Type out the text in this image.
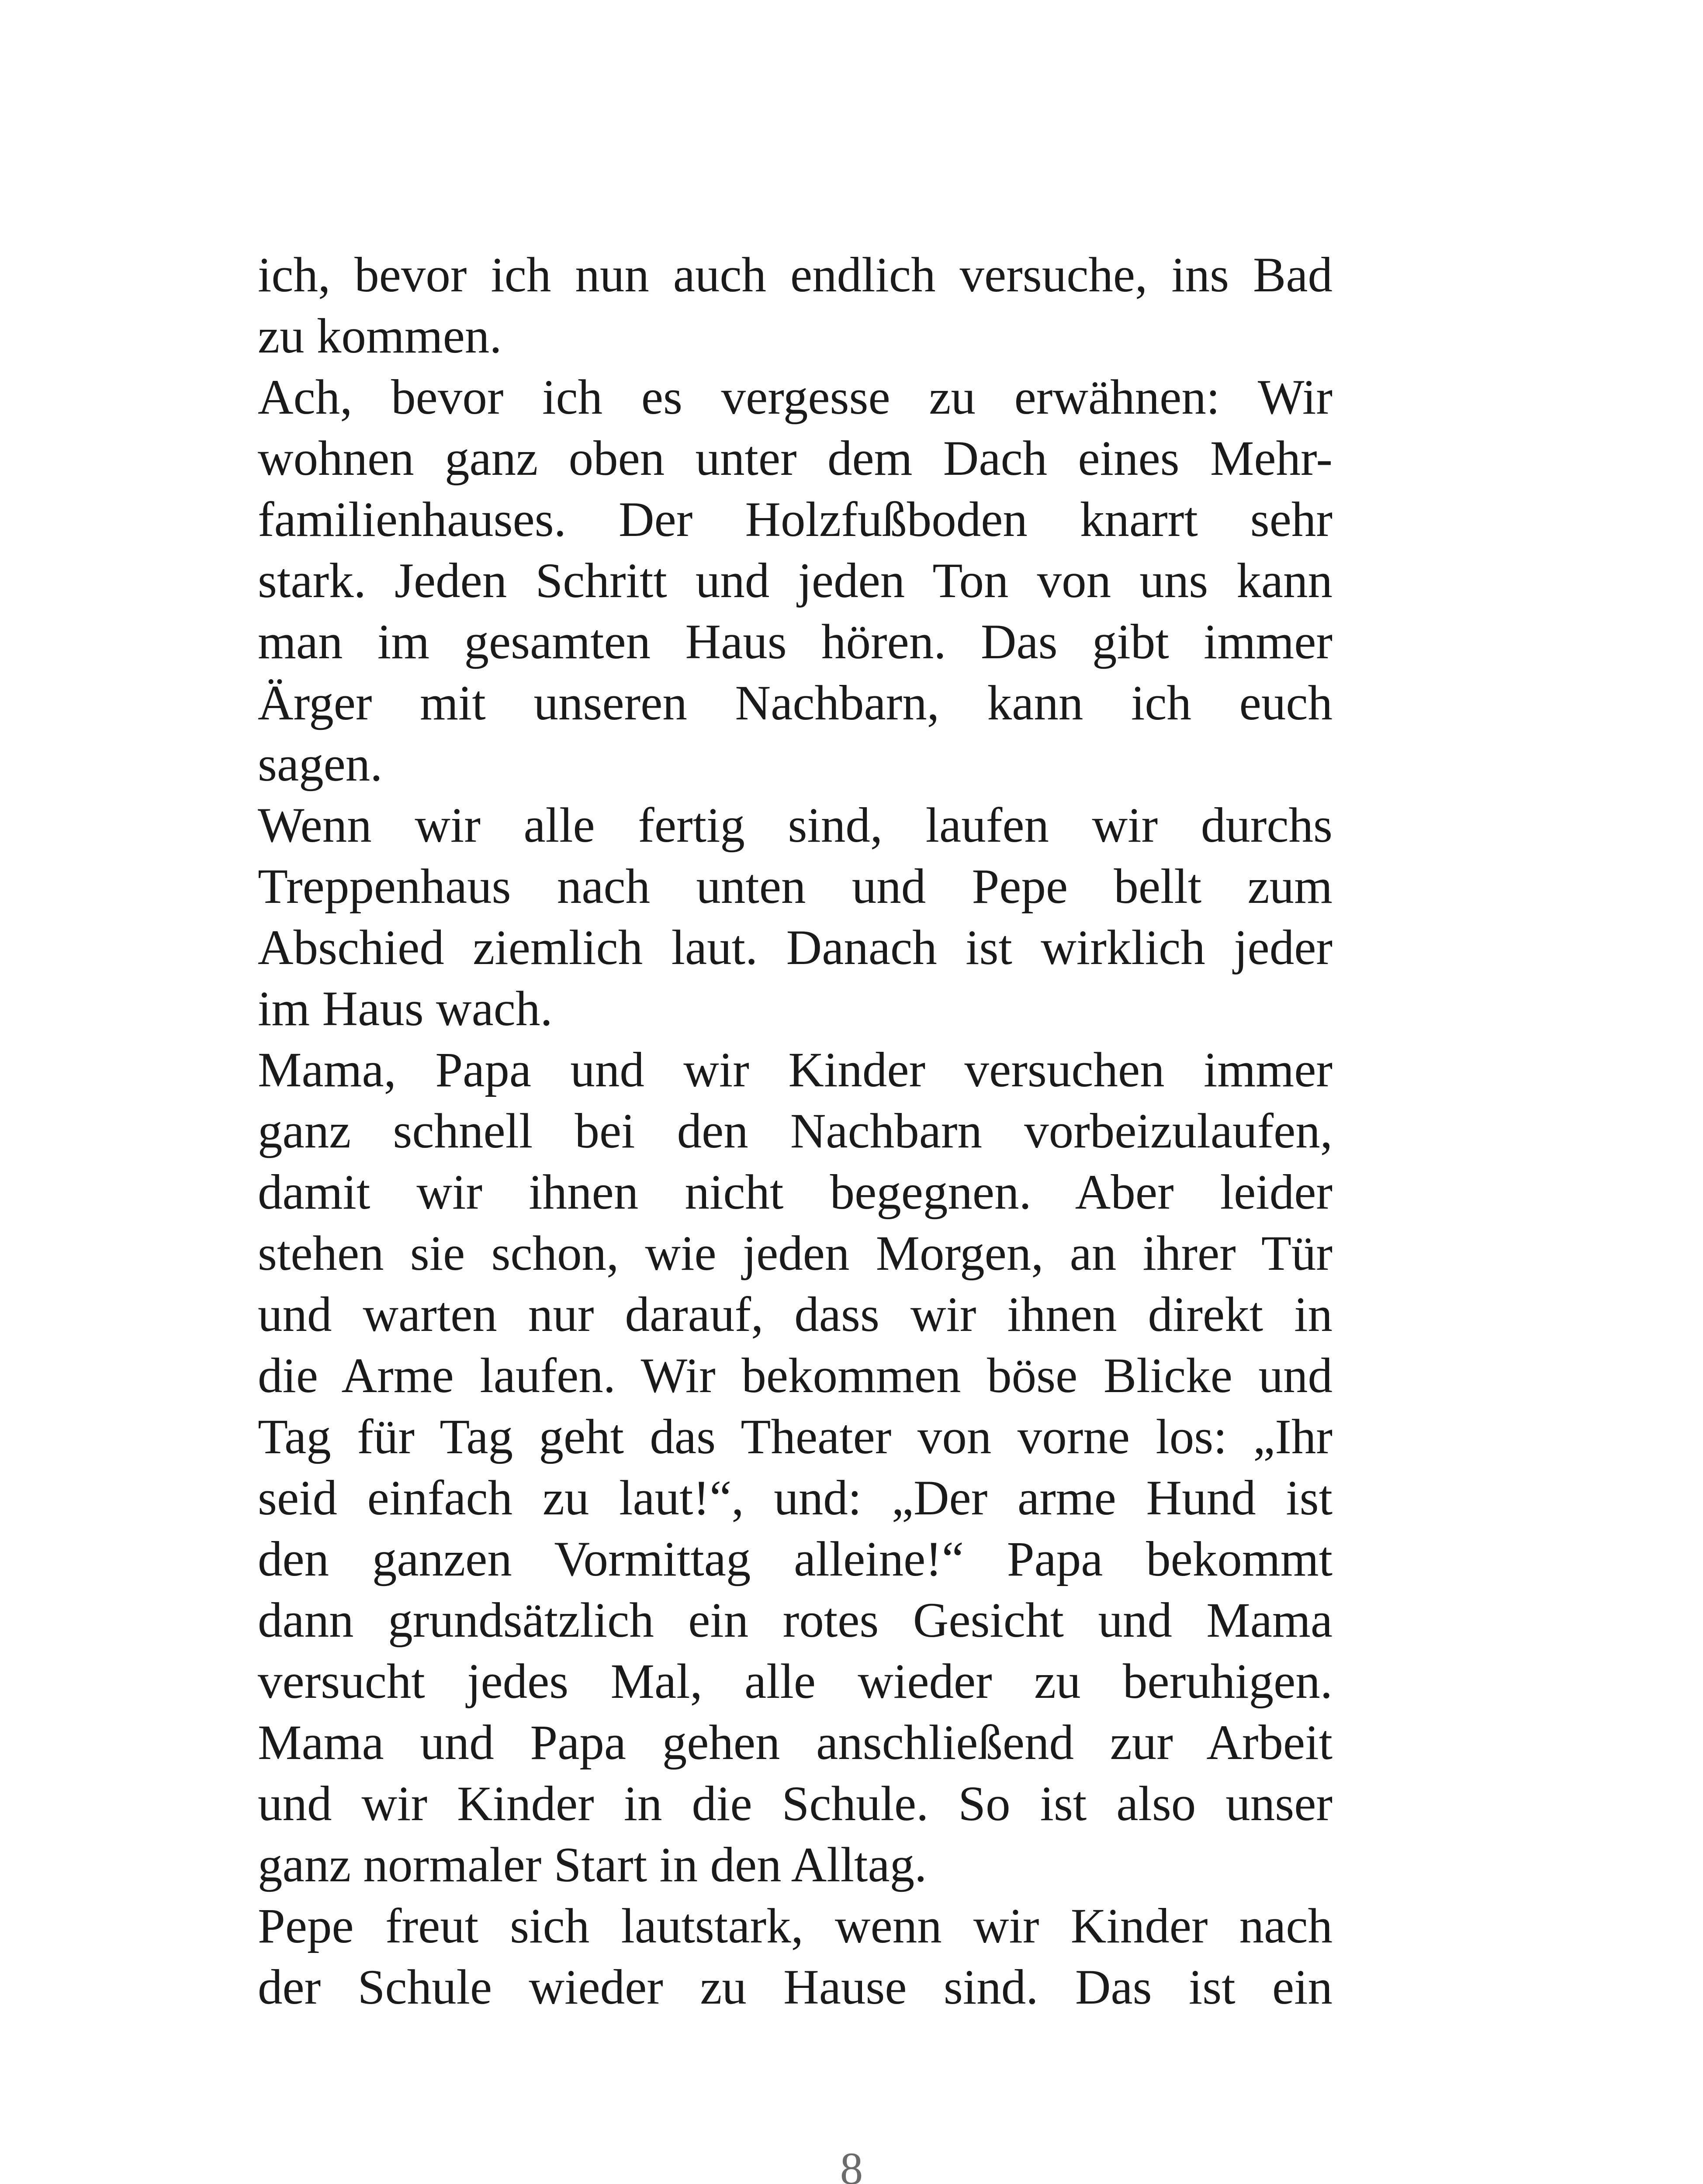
ich, bevor ich nun auch endlich versuche, ins Bad
zu kommen.
Ach, bevor ich es vergesse zu erwähnen: Wir
wohnen ganz oben unter dem Dach eines Mehr-
familienhauses. Der Holzfußboden knarrt sehr
stark. Jeden Schritt und jeden Ton von uns kann
man im gesamten Haus hören. Das gibt immer
Ärger mit unseren Nachbarn, kann ich euch
sagen.
Wenn wir alle fertig sind, laufen wir durchs
Treppenhaus nach unten und Pepe bellt zum
Abschied ziemlich laut. Danach ist wirklich jeder
im Haus wach.
Mama, Papa und wir Kinder versuchen immer
ganz schnell bei den Nachbarn vorbeizulaufen,
damit wir ihnen nicht begegnen. Aber leider
stehen sie schon, wie jeden Morgen, an ihrer Tür
und warten nur darauf, dass wir ihnen direkt in
die Arme laufen. Wir bekommen böse Blicke und
Tag für Tag geht das Theater von vorne los: „Ihr
seid einfach zu laut!“, und: „Der arme Hund ist
den ganzen Vormittag alleine!“ Papa bekommt
dann grundsätzlich ein rotes Gesicht und Mama
versucht jedes Mal, alle wieder zu beruhigen.
Mama und Papa gehen anschließend zur Arbeit
und wir Kinder in die Schule. So ist also unser
ganz normaler Start in den Alltag.
Pepe freut sich lautstark, wenn wir Kinder nach
der Schule wieder zu Hause sind. Das ist ein
8
